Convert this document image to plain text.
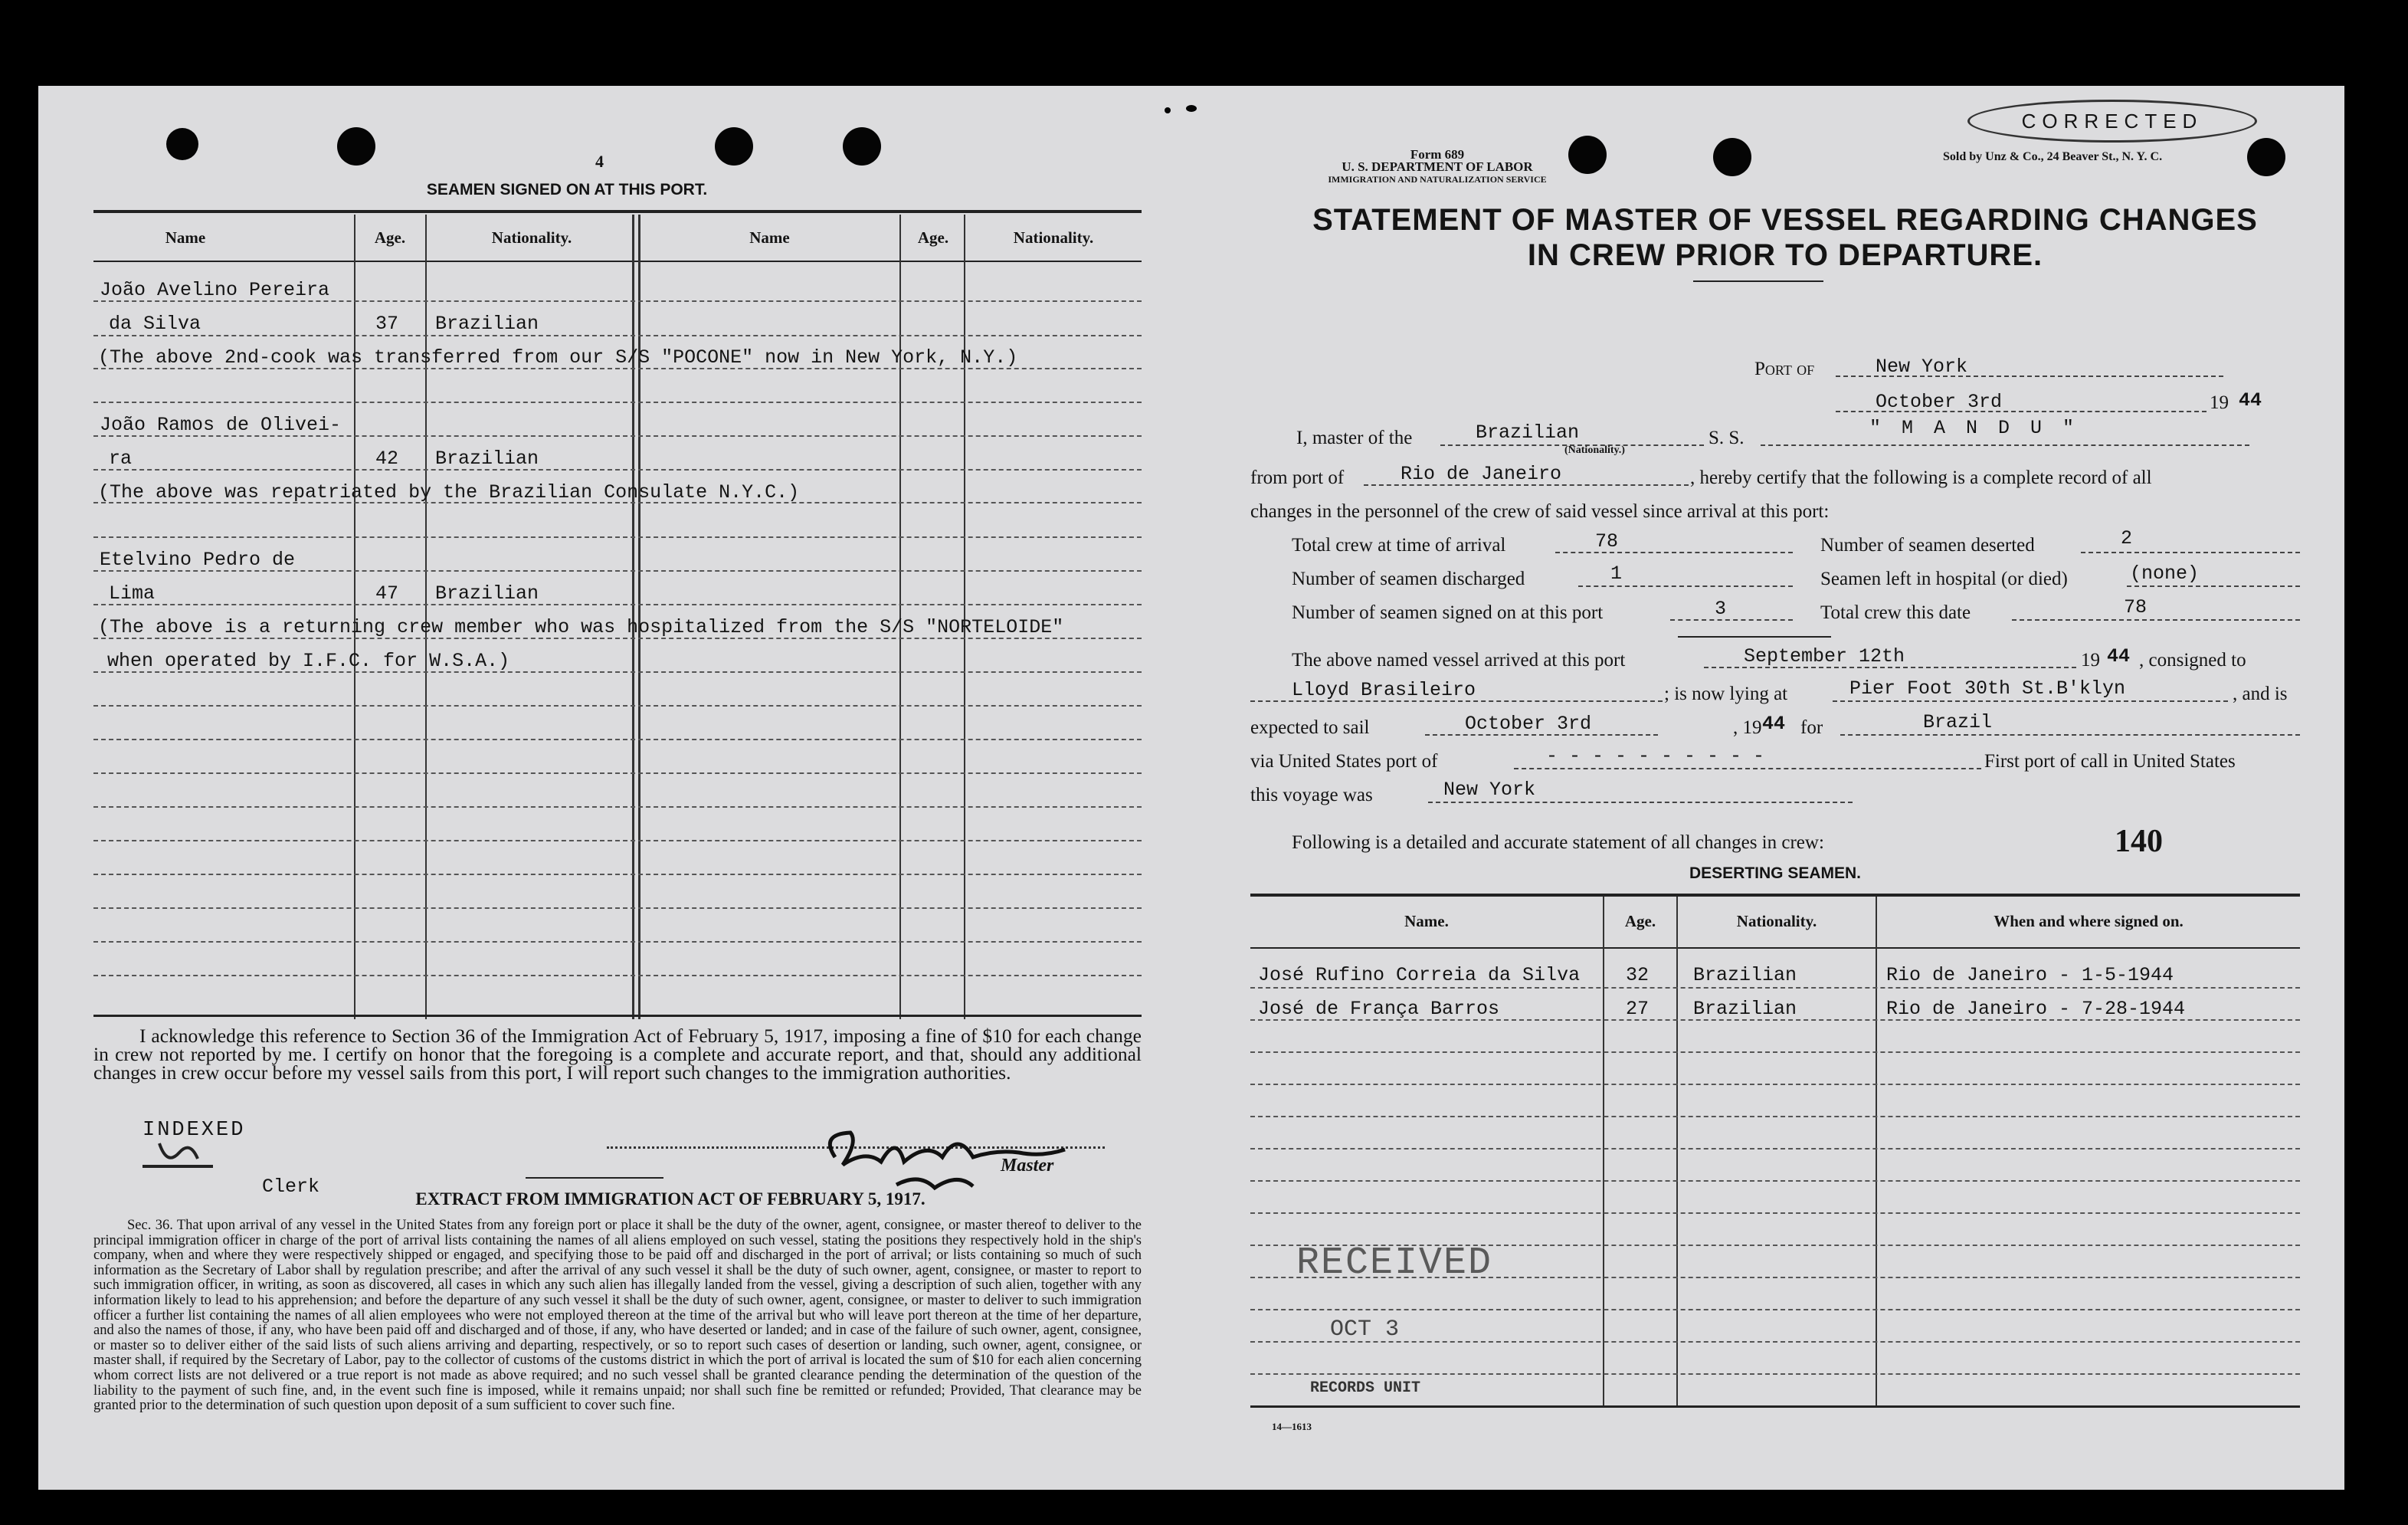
4
SEAMEN SIGNED ON AT THIS PORT.
Name	Age.	Nationality.	Name	Age.	Nationality.
João Avelino Pereira
da Silva	37 Brazilian
(The above 2nd-cook was transferred from our S/S "POCONE" now in New York, N.Y.)
João Ramos de Olivei-
ra	42 Brazilian
(The above was repatriated by the Brazilian Consulate N.Y.C.)
Etelvino Pedro de
Lima	47 Brazilian
(The above is a returning crew member who was hospitalized from the S/S "NORTELOIDE"
when operated by I.F.C. for W.S.A.)
I acknowledge this reference to Section 36 of the Immigration Act of February 5, 1917, imposing a fine of $10 for each change in crew not reported by me. I certify on honor that the foregoing is a complete and accurate report, and that, should any additional changes in crew occur before my vessel sails from this port, I will report such changes to the immigration authorities.
INDEXED
Clerk
Master
EXTRACT FROM IMMIGRATION ACT OF FEBRUARY 5, 1917.
Sec. 36. That upon arrival of any vessel in the United States from any foreign port or place it shall be the duty of the owner, agent, consignee, or master thereof to deliver to the principal immigration officer in charge of the port of arrival lists containing the names of all aliens employed on such vessel, stating the positions they respectively hold in the ship's company, when and where they were respectively shipped or engaged, and specifying those to be paid off and discharged in the port of arrival; or lists containing so much of such information as the Secretary of Labor shall by regulation prescribe; and after the arrival of any such vessel it shall be the duty of such owner, agent, consignee, or master to report to such immigration officer, in writing, as soon as discovered, all cases in which any such alien has illegally landed from the vessel, giving a description of such alien, together with any information likely to lead to his apprehension; and before the departure of any such vessel it shall be the duty of such owner, agent, consignee, or master to deliver to such immigration officer a further list containing the names of all alien employees who were not employed thereon at the time of the arrival but who will leave port thereon at the time of her departure, and also the names of those, if any, who have been paid off and discharged and of those, if any, who have deserted or landed; and in case of the failure of such owner, agent, consignee, or master so to deliver either of the said lists of such aliens arriving and departing, respectively, or so to report such cases of desertion or landing, such owner, agent, consignee, or master shall, if required by the Secretary of Labor, pay to the collector of customs of the customs district in which the port of arrival is located the sum of $10 for each alien concerning whom correct lists are not delivered or a true report is not made as above required; and no such vessel shall be granted clearance pending the determination of the question of the liability to the payment of such fine, and, in the event such fine is imposed, while it remains unpaid; nor shall such fine be remitted or refunded; Provided, That clearance may be granted prior to the determination of such question upon deposit of a sum sufficient to cover such fine.
Form 689
U. S. DEPARTMENT OF LABOR
IMMIGRATION AND NATURALIZATION SERVICE
CORRECTED
Sold by Unz & Co., 24 Beaver St., N. Y. C.
STATEMENT OF MASTER OF VESSEL REGARDING CHANGES
IN CREW PRIOR TO DEPARTURE.
Port of	New York
October 3rd	19 44
I, master of the	Brazilian
(Nationality.)
S. S.	" M A N D U "
from port of	Rio de Janeiro	, hereby certify that the following is a complete record of all
changes in the personnel of the crew of said vessel since arrival at this port:
Total crew at time of arrival	78	Number of seamen deserted	2
Number of seamen discharged	1	Seamen left in hospital (or died)	(none)
Number of seamen signed on at this port	3	Total crew this date	78
The above named vessel arrived at this port	September 12th	19 44 , consigned to
Lloyd Brasileiro	; is now lying at	Pier Foot 30th St.B'klyn	, and is
expected to sail	October 3rd	, 19 44 for	Brazil
via United States port of	- - - - - - - - - -	First port of call in United States
this voyage was	New York
Following is a detailed and accurate statement of all changes in crew:	140
DESERTING SEAMEN.
Name.	Age.	Nationality.	When and where signed on.
José Rufino Correia da Silva 32 Brazilian	Rio de Janeiro - 1-5-1944
José de França Barros	27 Brazilian	Rio de Janeiro - 7-28-1944
RECEIVED
OCT 3
RECORDS UNIT
14—1613
